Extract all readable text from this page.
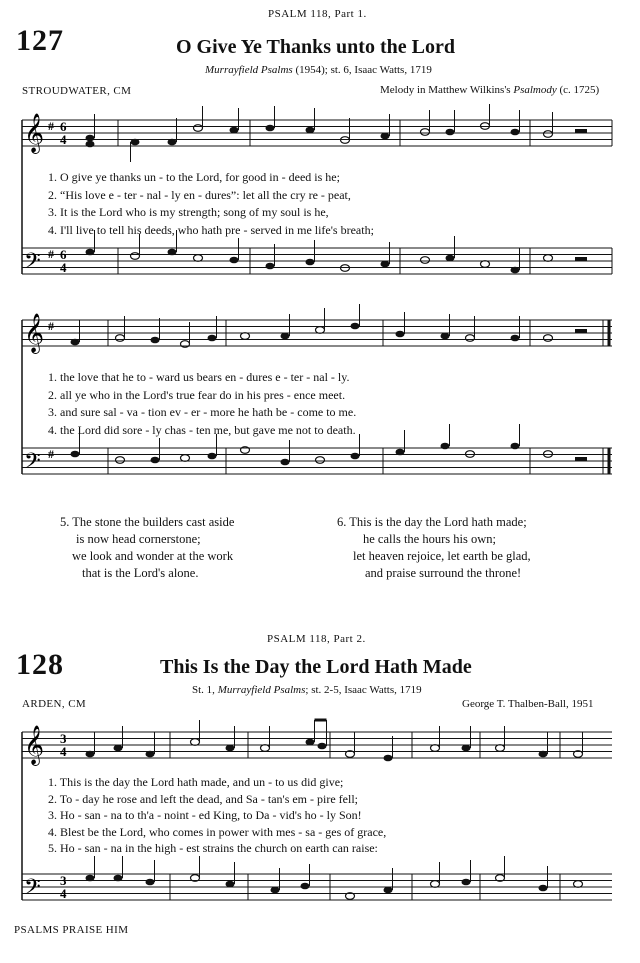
PSALM 118, Part 1.
127	O Give Ye Thanks unto the Lord
Murrayfield Psalms (1954); st. 6, Isaac Watts, 1719
STROUDWATER, CM	Melody in Matthew Wilkins's Psalmody (c. 1725)
𝄞
𝄢
#
#
6
4
6
4
1. O give ye thanks un - to the Lord, for good in - deed is he;
2. “His love e - ter - nal - ly en - dures”: let all the cry re - peat,
3. It is the Lord who is my strength; song of my soul is he,
4. I'll live to tell his deeds, who hath pre - served in me life's breath;
𝄞
𝄢
#
#
1. the love that he to - ward us bears en - dures e - ter - nal - ly.
2. all ye who in the Lord's true fear do in his pres - ence meet.
3. and sure sal - va - tion ev - er - more he hath be - come to me.
4. the Lord did sore - ly chas - ten me, but gave me not to death.
5. The stone the builders cast aside
is now head cornerstone;
we look and wonder at the work
that is the Lord's alone.
6. This is the day the Lord hath made;
he calls the hours his own;
let heaven rejoice, let earth be glad,
and praise surround the throne!
PSALM 118, Part 2.
128	This Is the Day the Lord Hath Made
St. 1, Murrayfield Psalms; st. 2-5, Isaac Watts, 1719
ARDEN, CM	George T. Thalben-Ball, 1951
𝄞
𝄢
3
4
3
4
1. This is the day the Lord hath made, and un - to us did give;
2. To - day he rose and left the dead, and Sa - tan's em - pire fell;
3. Ho - san - na to th'a - noint - ed King, to Da - vid's ho - ly Son!
4. Blest be the Lord, who comes in power with mes - sa - ges of grace,
5. Ho - san - na in the high - est strains the church on earth can raise:
PSALMS PRAISE HIM
